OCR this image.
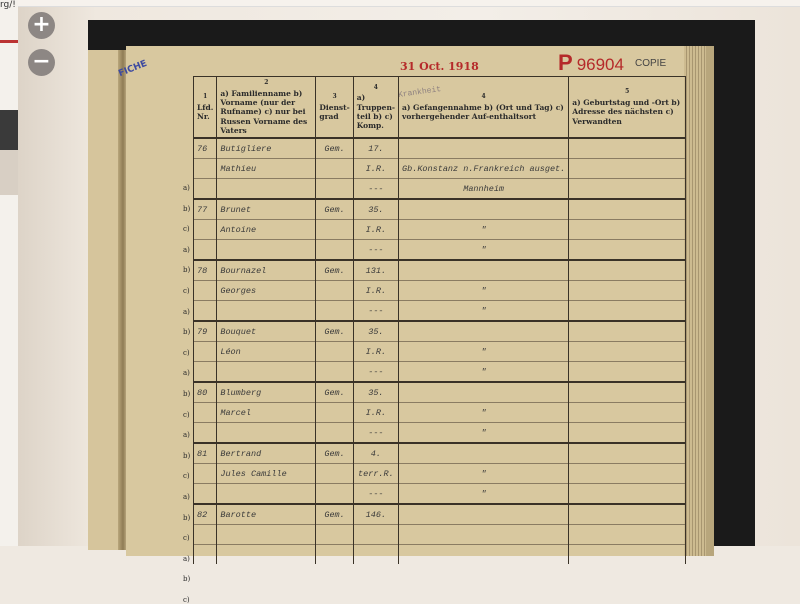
rg/!
+
−	FICHE	31 Oct. 1918	P 96904 COPIE
Krankheit
a)
b)
c)
a)
b)
c)
a)
b)
c)
a)
b)
c)
a)
b)
c)
a)
b)
c)
a)
b)
c)
1
Lfd. Nr.	2
a) Familienname b) Vorname (nur der Rufname) c) nur bei Russen Vorname des Vaters	3
Dienst-grad	4
a) Truppen-teil b) c) Komp.	4
a) Gefangennahme b) (Ort und Tag) c) vorhergehender Auf-enthaltsort	5
a) Geburtstag und -Ort b) Adresse des nächsten c) Verwandten
76	Butigliere	Gem.	17.		
	Mathieu		I.R.	Gb.Konstanz n.Frankreich ausget.	
			---	Mannheim	
77	Brunet	Gem.	35.		
	Antoine		I.R.	"	
			---	"	
78	Bournazel	Gem.	131.		
	Georges		I.R.	"	
			---	"	
79	Bouquet	Gem.	35.		
	Léon		I.R.	"	
			---	"	
80	Blumberg	Gem.	35.		
	Marcel		I.R.	"	
			---	"	
81	Bertrand	Gem.	4.		
	Jules Camille		terr.R.	"	
			---	"	
82	Barotte	Gem.	146.		
